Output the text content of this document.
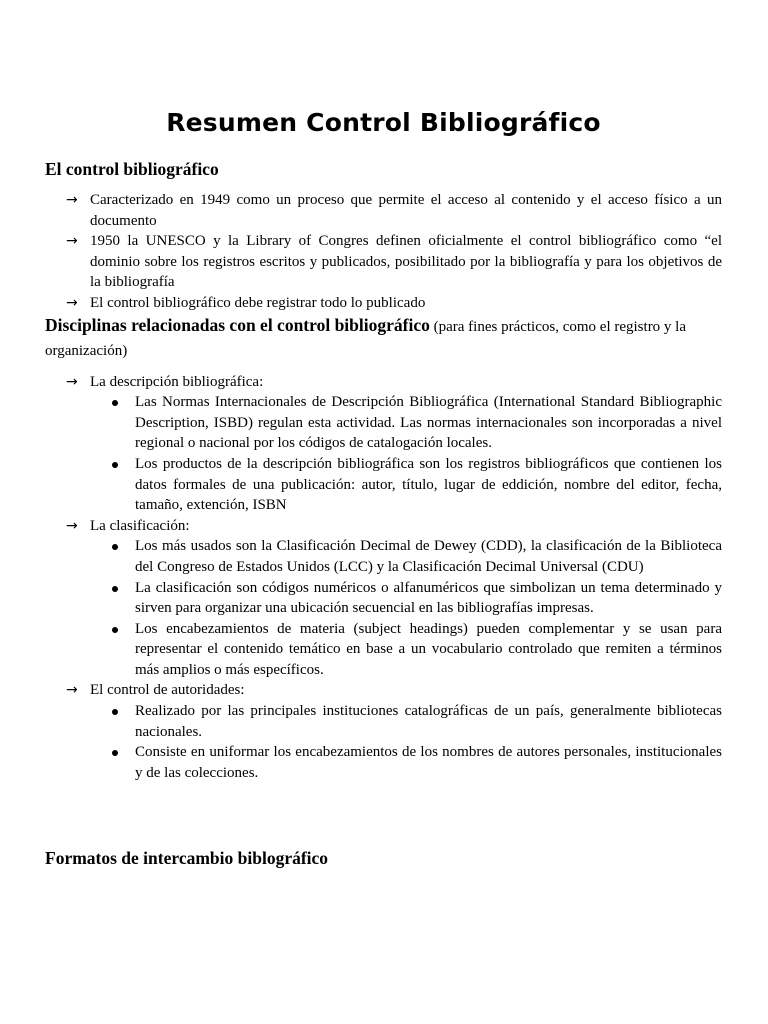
Resumen Control Bibliográfico
El control bibliográfico
→ Caracterizado en 1949 como un proceso que permite el acceso al contenido y el acceso físico a un documento
→ 1950 la UNESCO y la Library of Congres definen oficialmente el control bibliográfico como “el dominio sobre los registros escritos y publicados, posibilitado por la bibliografía y para los objetivos de la bibliografía
→ El control bibliográfico debe registrar todo lo publicado
Disciplinas relacionadas con el control bibliográfico (para fines prácticos, como el registro y la organización)
→ La descripción bibliográfica:
Las Normas Internacionales de Descripción Bibliográfica (International Standard Bibliographic Description, ISBD) regulan esta actividad. Las normas internacionales son incorporadas a nivel regional o nacional por los códigos de catalogación locales.
Los productos de la descripción bibliográfica son los registros bibliográficos que contienen los datos formales de una publicación: autor, título, lugar de eddición, nombre del editor, fecha, tamaño, extención, ISBN
→ La clasificación:
Los más usados son la Clasificación Decimal de Dewey (CDD), la clasificación de la Biblioteca del Congreso de Estados Unidos (LCC) y la Clasificación Decimal Universal (CDU)
La clasificación son códigos numéricos o alfanuméricos que simbolizan un tema determinado y sirven para organizar una ubicación secuencial en las bibliografías impresas.
Los encabezamientos de materia (subject headings) pueden complementar y se usan para representar el contenido temático en base a un vocabulario controlado que remiten a términos más amplios o más específicos.
→ El control de autoridades:
Realizado por las principales instituciones catalográficas de un país, generalmente bibliotecas nacionales.
Consiste en uniformar los encabezamientos de los nombres de autores personales, institucionales y de las colecciones.
Formatos de intercambio biblográfico
